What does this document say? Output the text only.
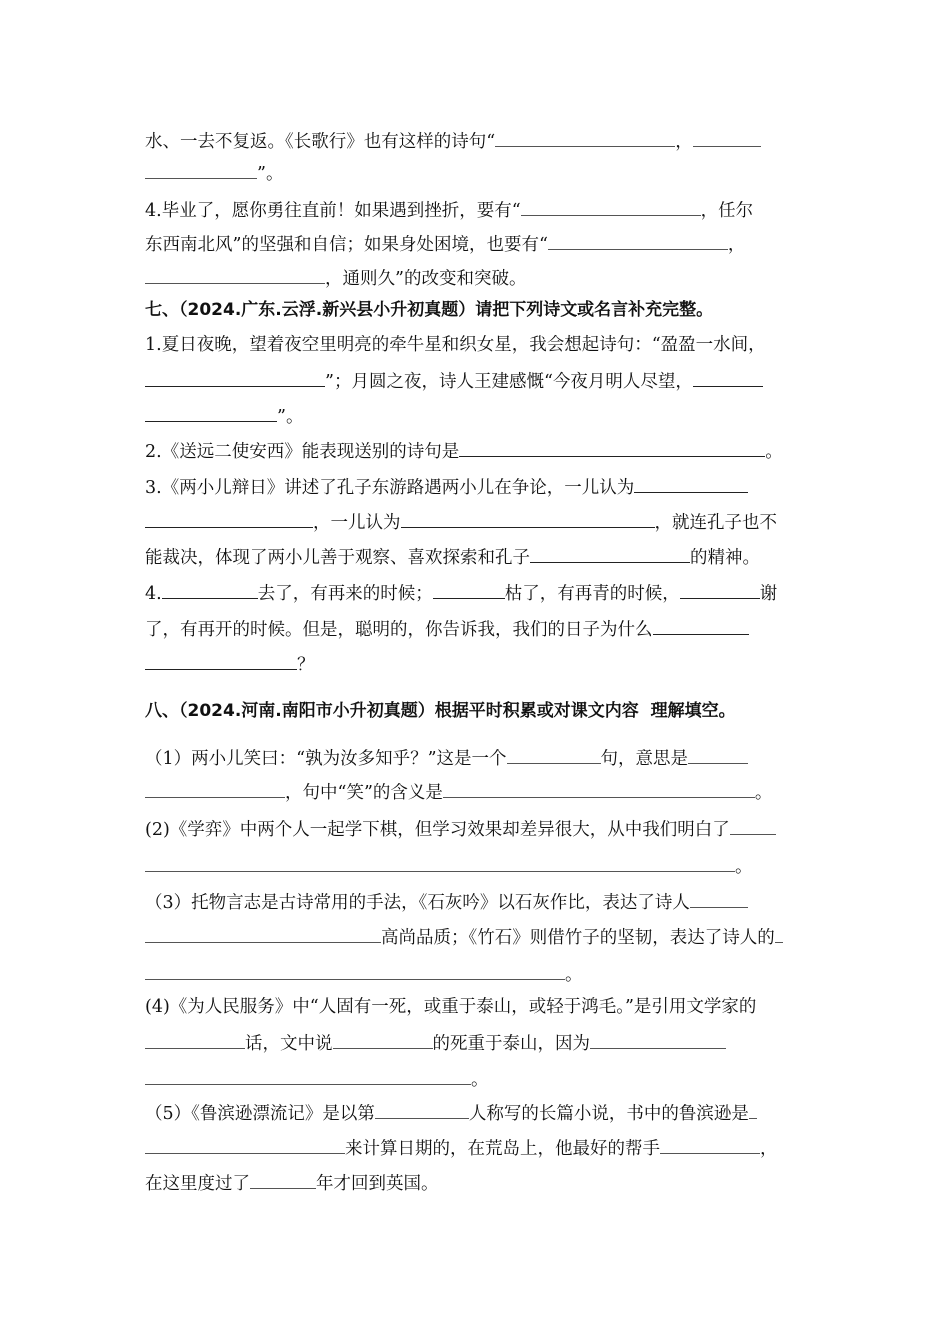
水、一去不复返。《长歌行》也有这样的诗句“	，
”。
4.毕业了，愿你勇往直前！如果遇到挫折，要有“	，任尔
东西南北风”的坚强和自信；如果身处困境，也要有“	，
，通则久”的改变和突破。
七、（2024.广东.云浮.新兴县小升初真题）请把下列诗文或名言补充完整。
1.夏日夜晚，望着夜空里明亮的牵牛星和织女星，我会想起诗句：“盈盈一水间，
”；月圆之夜，诗人王建感慨“今夜月明人尽望，
”。
2.《送远二使安西》能表现送别的诗句是	。
3.《两小儿辩日》讲述了孔子东游路遇两小儿在争论，一儿认为
，一儿认为	，就连孔子也不
能裁决，体现了两小儿善于观察、喜欢探索和孔子	的精神。
4.	去了，有再来的时候；	枯了，有再青的时候，	谢
了，有再开的时候。但是，聪明的，你告诉我，我们的日子为什么
？
八、（2024.河南.南阳市小升初真题）根据平时积累或对课文内容  理解填空。
（1）两小儿笑曰：“孰为汝多知乎？”这是一个	句，意思是
，句中“笑”的含义是	。
(2)《学弈》中两个人一起学下棋，但学习效果却差异很大，从中我们明白了
。
（3）托物言志是古诗常用的手法，《石灰吟》以石灰作比，表达了诗人
高尚品质；《竹石》则借竹子的坚韧，表达了诗人的
。
(4)《为人民服务》中“人固有一死，或重于泰山，或轻于鸿毛。”是引用文学家的
话，文中说	的死重于泰山，因为
。
（5）《鲁滨逊漂流记》是以第	人称写的长篇小说，书中的鲁滨逊是
来计算日期的，在荒岛上，他最好的帮手	，
在这里度过了	年才回到英国。
